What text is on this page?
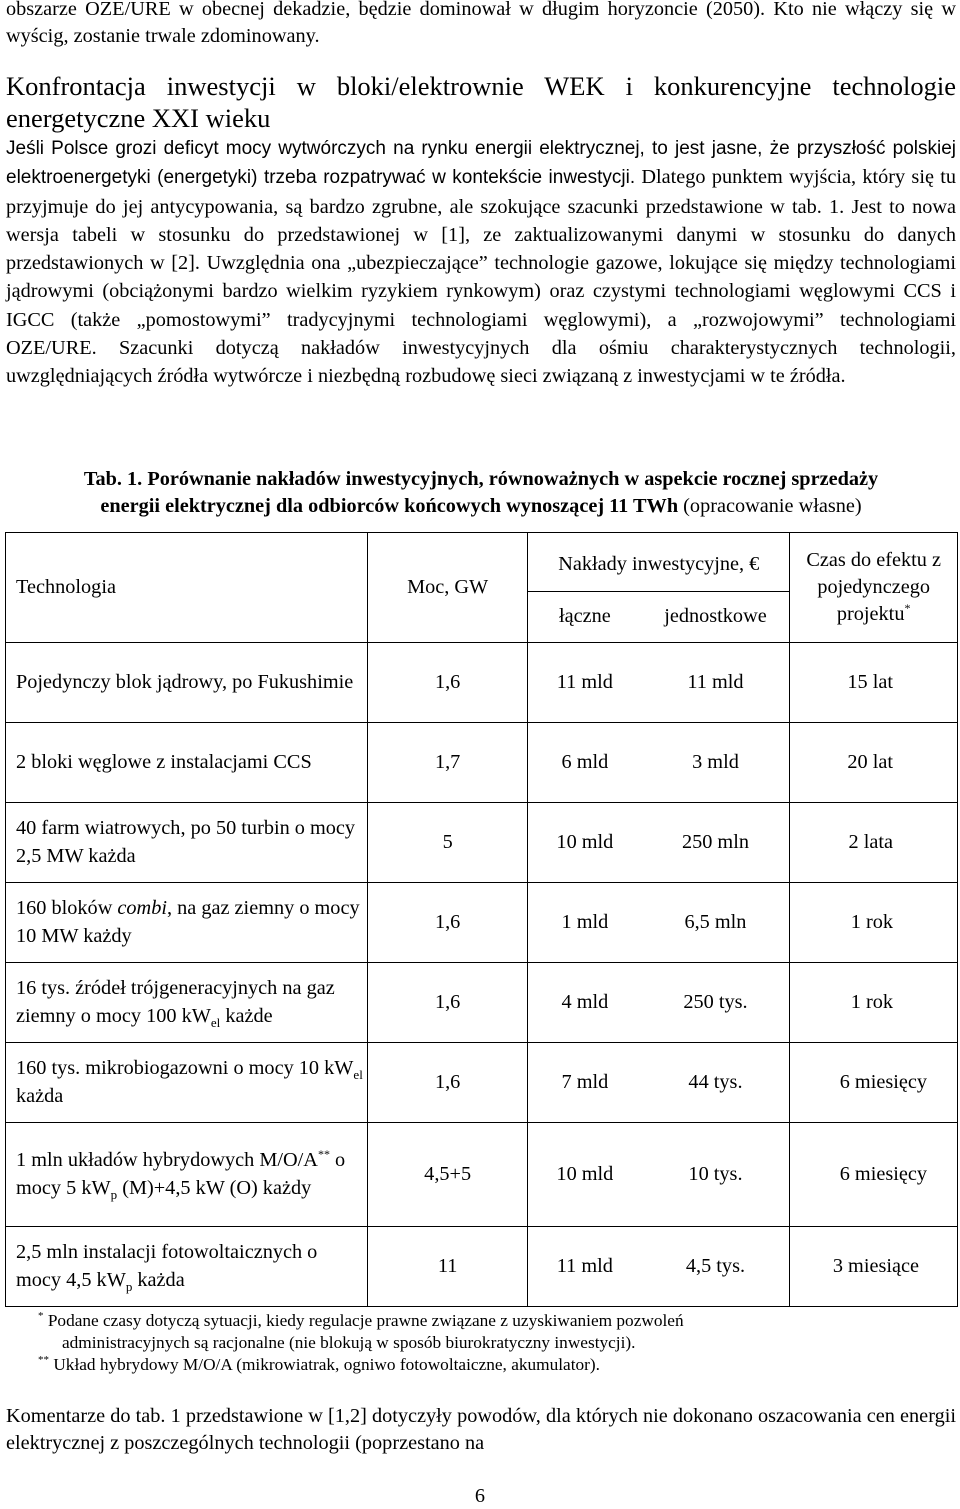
obszarze OZE/URE w obecnej dekadzie, będzie dominował w długim horyzoncie (2050). Kto nie włączy się w wyścig, zostanie trwale zdominowany.

Konfrontacja inwestycji w bloki/elektrownie WEK i konkurencyjne technologie energetyczne XXI wieku

Jeśli Polsce grozi deficyt mocy wytwórczych na rynku energii elektrycznej, to jest jasne, że przyszłość polskiej elektroenergetyki (energetyki) trzeba rozpatrywać w kontekście inwestycji. Dlatego punktem wyjścia, który się tu przyjmuje do jej antycypowania, są bardzo zgrubne, ale szokujące szacunki przedstawione w tab. 1. Jest to nowa wersja tabeli w stosunku do przedstawionej w [1], ze zaktualizowanymi danymi w stosunku do danych przedstawionych w [2]. Uwzględnia ona „ubezpieczające” technologie gazowe, lokujące się między technologiami jądrowymi (obciążonymi bardzo wielkim ryzykiem rynkowym) oraz czystymi technologiami węglowymi CCS i IGCC (także „pomostowymi” tradycyjnymi technologiami węglowymi), a „rozwojowymi” technologiami OZE/URE. Szacunki dotyczą nakładów inwestycyjnych dla ośmiu charakterystycznych technologii, uwzględniających źródła wytwórcze i niezbędną rozbudowę sieci związaną z inwestycjami w te źródła.

Tab. 1. Porównanie nakładów inwestycyjnych, równoważnych w aspekcie rocznej sprzedaży
energii elektrycznej dla odbiorców końcowych wynoszącej 11 TWh (opracowanie własne)

Technologia	Moc, GW	Nakłady inwestycyjne, €		Czas do efektu z pojedynczego projektu*
		łączne	jednostkowe	
Pojedynczy blok jądrowy, po Fukushimie	1,6	11 mld	11 mld	15 lat
2 bloki węglowe z instalacjami CCS	1,7	6 mld	3 mld	20 lat
40 farm wiatrowych, po 50 turbin o mocy 2,5 MW każda	5	10 mld	250 mln	2 lata
160 bloków combi, na gaz ziemny o mocy 10 MW każdy	1,6	1 mld	6,5 mln	1 rok
16 tys. źródeł trójgeneracyjnych na gaz ziemny o mocy 100 $kW_{el}$ każde	1,6	4 mld	250 tys.	1 rok
160 tys. mikrobiogazowni o mocy 10 $kW_{el}$ każda	1,6	7 mld	44 tys.	6 miesięcy
1 mln układów hybrydowych M/O/A** o mocy 5 $kW_p$ (M)+4,5 kW (O) każdy	4,5+5	10 mld	10 tys.	6 miesięcy
2,5 mln instalacji fotowoltaicznych o mocy 4,5 $kW_p$ każda	11	11 mld	4,5 tys.	3 miesiące
* Podane czasy dotyczą sytuacji, kiedy regulacje prawne związane z uzyskiwaniem pozwoleń
administracyjnych są racjonalne (nie blokują w sposób biurokratyczny inwestycji).
** Układ hybrydowy M/O/A (mikrowiatrak, ogniwo fotowoltaiczne, akumulator).

Komentarze do tab. 1 przedstawione w [1,2] dotyczyły powodów, dla których nie dokonano oszacowania cen energii elektrycznej z poszczególnych technologii (poprzestano na

6
